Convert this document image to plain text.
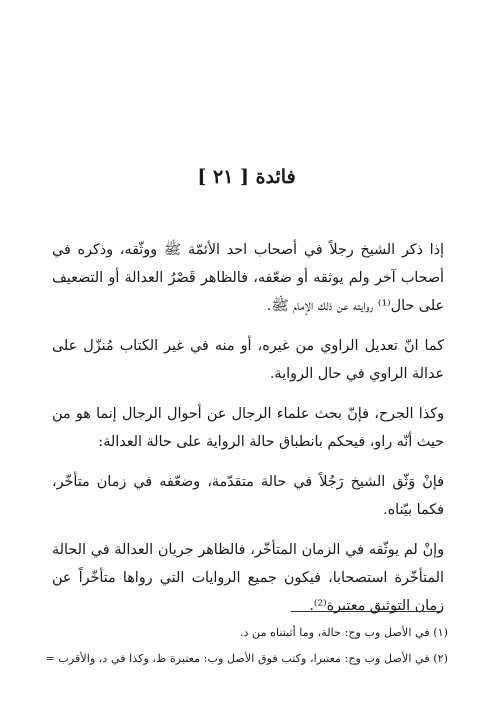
فائدة [ ٢١ ]

إذا ذكر الشيخ رجلاً في أصحاب احد الأئمّة ﷺ ووثّقه، وذكره في أصحاب آخر ولم يوثقه أو ضعّفه، فالظاهر قَصْرُ العدالة أو التضعيف على حال⁽¹⁾ روايته عن ذلك الإمام ﷺ.

كما انّ تعديل الراوي من غيره، أو منه في غير الكتاب مُنزّل على عدالة الراوي في حال الرواية.

وكذا الجرح، فإنّ بحث علماء الرجال عن أحوال الرجال إنما هو من حيث أنّه راو، فيحكم بانطباق حالة الرواية على حالة العدالة:

فإنْ وَثّق الشيخ رَجُلاً في حالة متقدّمة، وضعّفه في زمان متأخّر، فكما بيّناه.

وإنْ لم يوثّقه في الزمان المتأخّر، فالظاهر جريان العدالة في الحالة المتأخّرة استصحابا، فيكون جميع الروايات التي رواها متأخّراً عن زمان التوثيق معتبرة⁽²⁾.

(١) في الأصل وب وج: حالة، وما أثبتناه من د.
(٢) في الأصل وب وج: معتبرا، وكتب فوق الأصل وب: معتبرة ظ، وكذا في د، والأقرب =
